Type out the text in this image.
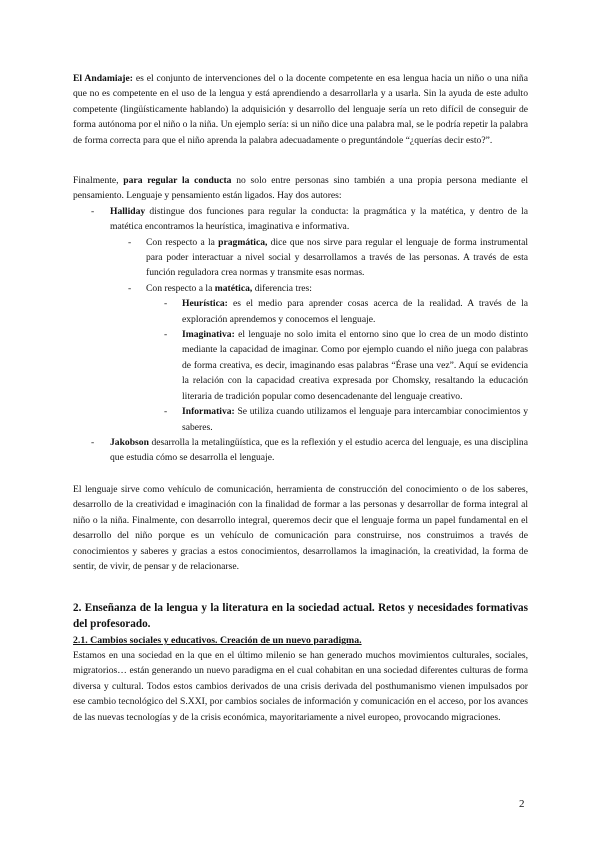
El Andamiaje: es el conjunto de intervenciones del o la docente competente en esa lengua hacia un niño o una niña que no es competente en el uso de la lengua y está aprendiendo a desarrollarla y a usarla. Sin la ayuda de este adulto competente (lingüísticamente hablando) la adquisición y desarrollo del lenguaje sería un reto difícil de conseguir de forma autónoma por el niño o la niña. Un ejemplo sería: si un niño dice una palabra mal, se le podría repetir la palabra de forma correcta para que el niño aprenda la palabra adecuadamente o preguntándole “¿querías decir esto?”.

Finalmente, para regular la conducta no solo entre personas sino también a una propia persona mediante el pensamiento. Lenguaje y pensamiento están ligados. Hay dos autores:

- Halliday distingue dos funciones para regular la conducta: la pragmática y la matética, y dentro de la matética encontramos la heurística, imaginativa e informativa.

- Con respecto a la pragmática, dice que nos sirve para regular el lenguaje de forma instrumental para poder interactuar a nivel social y desarrollamos a través de las personas. A través de esta función reguladora crea normas y transmite esas normas.

- Con respecto a la matética, diferencia tres:

- Heurística: es el medio para aprender cosas acerca de la realidad. A través de la exploración aprendemos y conocemos el lenguaje.

- Imaginativa: el lenguaje no solo imita el entorno sino que lo crea de un modo distinto mediante la capacidad de imaginar. Como por ejemplo cuando el niño juega con palabras de forma creativa, es decir, imaginando esas palabras “Érase una vez”. Aquí se evidencia la relación con la capacidad creativa expresada por Chomsky, resaltando la educación literaria de tradición popular como desencadenante del lenguaje creativo.

- Informativa: Se utiliza cuando utilizamos el lenguaje para intercambiar conocimientos y saberes.

- Jakobson desarrolla la metalingüística, que es la reflexión y el estudio acerca del lenguaje, es una disciplina que estudia cómo se desarrolla el lenguaje.

El lenguaje sirve como vehículo de comunicación, herramienta de construcción del conocimiento o de los saberes, desarrollo de la creatividad e imaginación con la finalidad de formar a las personas y desarrollar de forma integral al niño o la niña. Finalmente, con desarrollo integral, queremos decir que el lenguaje forma un papel fundamental en el desarrollo del niño porque es un vehículo de comunicación para construirse, nos construimos a través de conocimientos y saberes y gracias a estos conocimientos, desarrollamos la imaginación, la creatividad, la forma de sentir, de vivir, de pensar y de relacionarse.

2. Enseñanza de la lengua y la literatura en la sociedad actual. Retos y necesidades formativas del profesorado.

2.1. Cambios sociales y educativos. Creación de un nuevo paradigma.

Estamos en una sociedad en la que en el último milenio se han generado muchos movimientos culturales, sociales, migratorios… están generando un nuevo paradigma en el cual cohabitan en una sociedad diferentes culturas de forma diversa y cultural. Todos estos cambios derivados de una crisis derivada del posthumanismo vienen impulsados por ese cambio tecnológico del S.XXI, por cambios sociales de información y comunicación en el acceso, por los avances de las nuevas tecnologías y de la crisis económica, mayoritariamente a nivel europeo, provocando migraciones.

2
